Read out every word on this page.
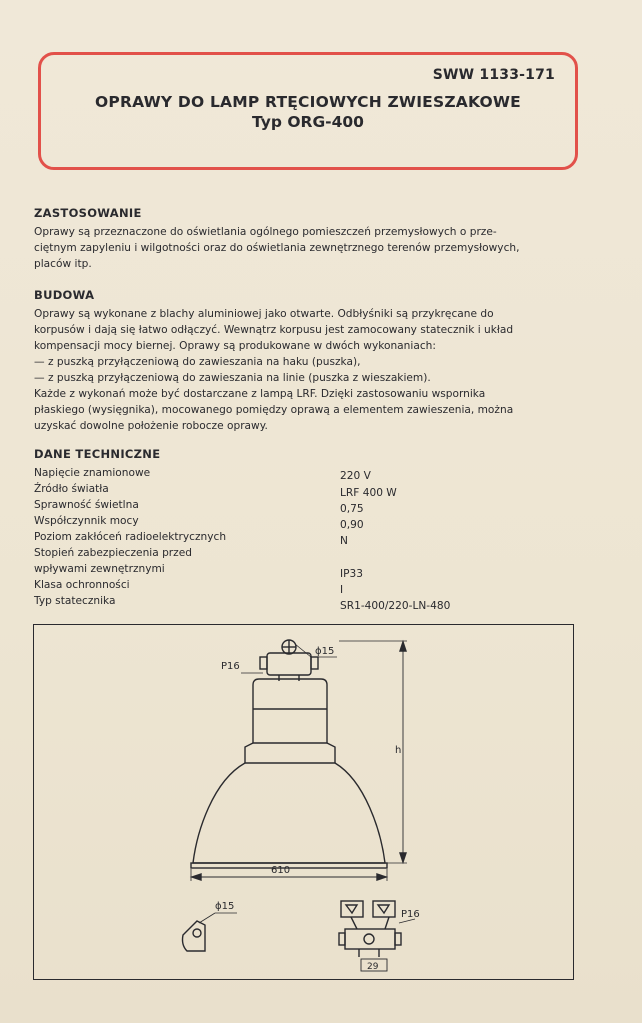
SWW 1133-171
OPRAWY DO LAMP RTĘCIOWYCH ZWIESZAKOWE
Typ ORG-400
ZASTOSOWANIE
Oprawy są przeznaczone do oświetlania ogólnego pomieszczeń przemysłowych o prze-
ciętnym zapyleniu i wilgotności oraz do oświetlania zewnętrznego terenów przemysłowych,
placów itp.
BUDOWA
Oprawy są wykonane z blachy aluminiowej jako otwarte. Odbłyśniki są przykręcane do
korpusów i dają się łatwo odłączyć. Wewnątrz korpusu jest zamocowany statecznik i układ
kompensacji mocy biernej. Oprawy są produkowane w dwóch wykonaniach:
— z puszką przyłączeniową do zawieszania na haku (puszka),
— z puszką przyłączeniową do zawieszania na linie (puszka z wieszakiem).
Każde z wykonań może być dostarczane z lampą LRF. Dzięki zastosowaniu wspornika
płaskiego (wysięgnika), mocowanego pomiędzy oprawą a elementem zawieszenia, można
uzyskać dowolne położenie robocze oprawy.
DANE TECHNICZNE
Napięcie znamionowe	220 V
Źródło światła	LRF 400 W
Sprawność świetlna	0,75
Współczynnik mocy	0,90
Poziom zakłóceń radioelektrycznych	N
Stopień zabezpieczenia przed
wpływami zewnętrznymi	IP33
Klasa ochronności	I
Typ statecznika	SR1-400/220-LN-480
P16
ϕ15
h
610
ϕ15
P16
29
